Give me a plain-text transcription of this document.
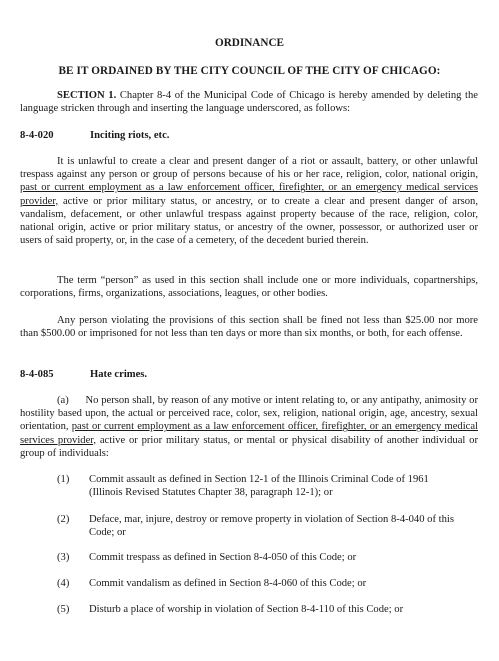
ORDINANCE
BE IT ORDAINED BY THE CITY COUNCIL OF THE CITY OF CHICAGO:
SECTION 1. Chapter 8-4 of the Municipal Code of Chicago is hereby amended by deleting the language stricken through and inserting the language underscored, as follows:
8-4-020	Inciting riots, etc.
It is unlawful to create a clear and present danger of a riot or assault, battery, or other unlawful trespass against any person or group of persons because of his or her race, religion, color, national origin, past or current employment as a law enforcement officer, firefighter, or an emergency medical services provider, active or prior military status, or ancestry, or to create a clear and present danger of arson, vandalism, defacement, or other unlawful trespass against property because of the race, religion, color, national origin, active or prior military status, or ancestry of the owner, possessor, or authorized user or users of said property, or, in the case of a cemetery, of the decedent buried therein.
The term “person” as used in this section shall include one or more individuals, copartnerships, corporations, firms, organizations, associations, leagues, or other bodies.
Any person violating the provisions of this section shall be fined not less than $25.00 nor more than $500.00 or imprisoned for not less than ten days or more than six months, or both, for each offense.
8-4-085	Hate crimes.
(a) No person shall, by reason of any motive or intent relating to, or any antipathy, animosity or hostility based upon, the actual or perceived race, color, sex, religion, national origin, age, ancestry, sexual orientation, past or current employment as a law enforcement officer, firefighter, or an emergency medical services provider, active or prior military status, or mental or physical disability of another individual or group of individuals:
(1) Commit assault as defined in Section 12-1 of the Illinois Criminal Code of 1961 (Illinois Revised Statutes Chapter 38, paragraph 12-1); or
(2) Deface, mar, injure, destroy or remove property in violation of Section 8-4-040 of this Code; or
(3) Commit trespass as defined in Section 8-4-050 of this Code; or
(4) Commit vandalism as defined in Section 8-4-060 of this Code; or
(5) Disturb a place of worship in violation of Section 8-4-110 of this Code; or
